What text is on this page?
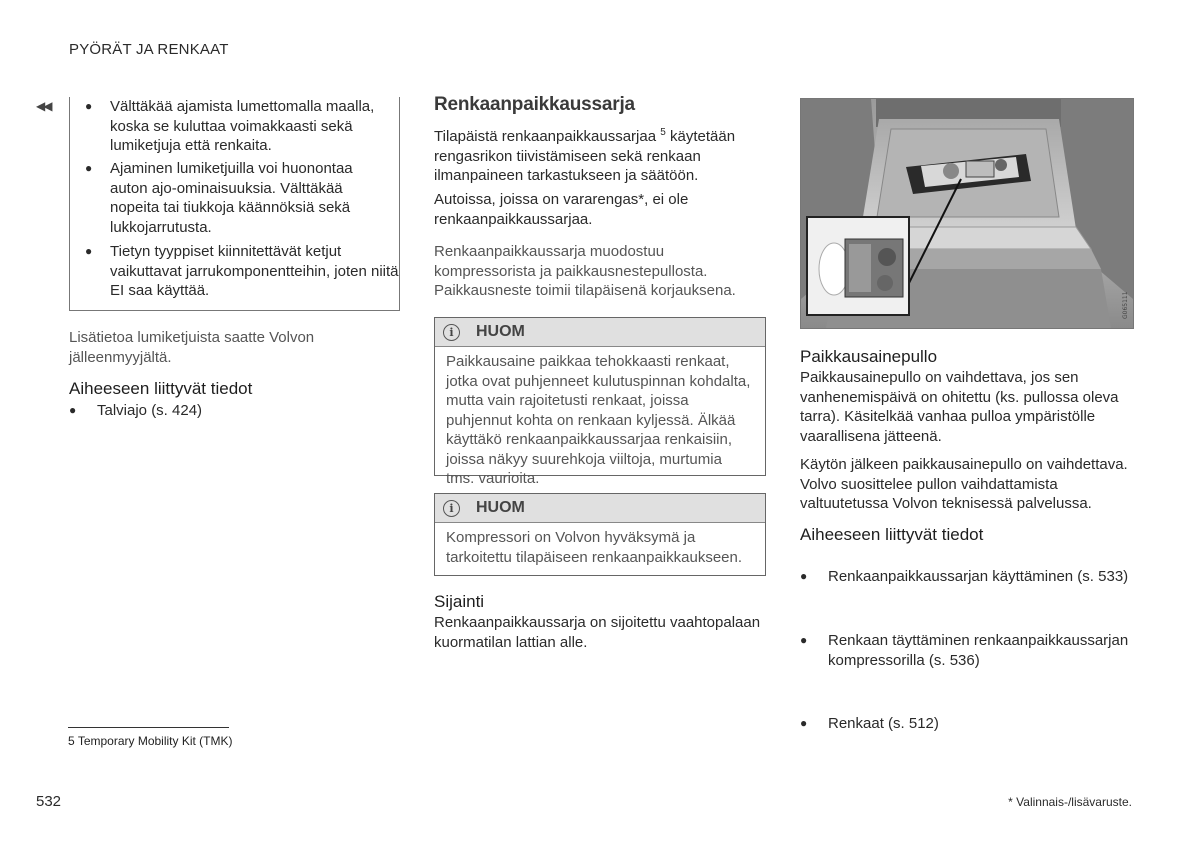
PYÖRÄT JA RENKAAT
◀◀	● Välttäkää ajamista lumettomalla maalla, koska se kuluttaa voimakkaasti sekä lumiketjuja että renkaita.
● Ajaminen lumiketjuilla voi huonontaa auton ajo-ominaisuuksia. Välttäkää nopeita tai tiukkoja käännöksiä sekä lukkojarrutusta.
● Tietyn tyyppiset kiinnitettävät ketjut vaikuttavat jarrukomponentteihin, joten niitä EI saa käyttää.

Lisätietoa lumiketjuista saatte Volvon jälleenmyyjältä.

Aiheeseen liittyvät tiedot
● Talviajo (s. 424)
Renkaanpaikkaussarja

Tilapäistä renkaanpaikkaussarjaa $^5$ käytetään rengasrikon tiivistämiseen sekä renkaan ilmanpaineen tarkastukseen ja säätöön.

Autoissa, joissa on vararengas*, ei ole renkaanpaikkaussarjaa.

Renkaanpaikkaussarja muodostuu kompressorista ja paikkausnestepullosta. Paikkausneste toimii tilapäisenä korjauksena.

i	HUOM
Paikkausaine paikkaa tehokkaasti renkaat, jotka ovat puhjenneet kulutuspinnan kohdalta, mutta vain rajoitetusti renkaat, joissa puhjennut kohta on renkaan kyljessä. Älkää käyttäkö renkaanpaikkaussarjaa renkaisiin, joissa näkyy suurehkoja viiltoja, murtumia tms. vaurioita.
i	HUOM
Kompressori on Volvon hyväksymä ja tarkoitettu tilapäiseen renkaanpaikkaukseen.
Sijainti

Renkaanpaikkaussarja on sijoitettu vaahtopalaan kuormatilan lattian alle.

G065111
Paikkausainepullo

Paikkausainepullo on vaihdettava, jos sen vanhenemispäivä on ohitettu (ks. pullossa oleva tarra). Käsitelkää vanhaa pulloa ympäristölle vaarallisena jätteenä.

Käytön jälkeen paikkausainepullo on vaihdettava. Volvo suosittelee pullon vaihdattamista valtuutetussa Volvon teknisessä palvelussa.

Aiheeseen liittyvät tiedot
● Renkaanpaikkaussarjan käyttäminen (s. 533)
● Renkaan täyttäminen renkaanpaikkaussarjan kompressorilla (s. 536)
● Renkaat (s. 512)
5 Temporary Mobility Kit (TMK)
532	* Valinnais-/lisävaruste.
